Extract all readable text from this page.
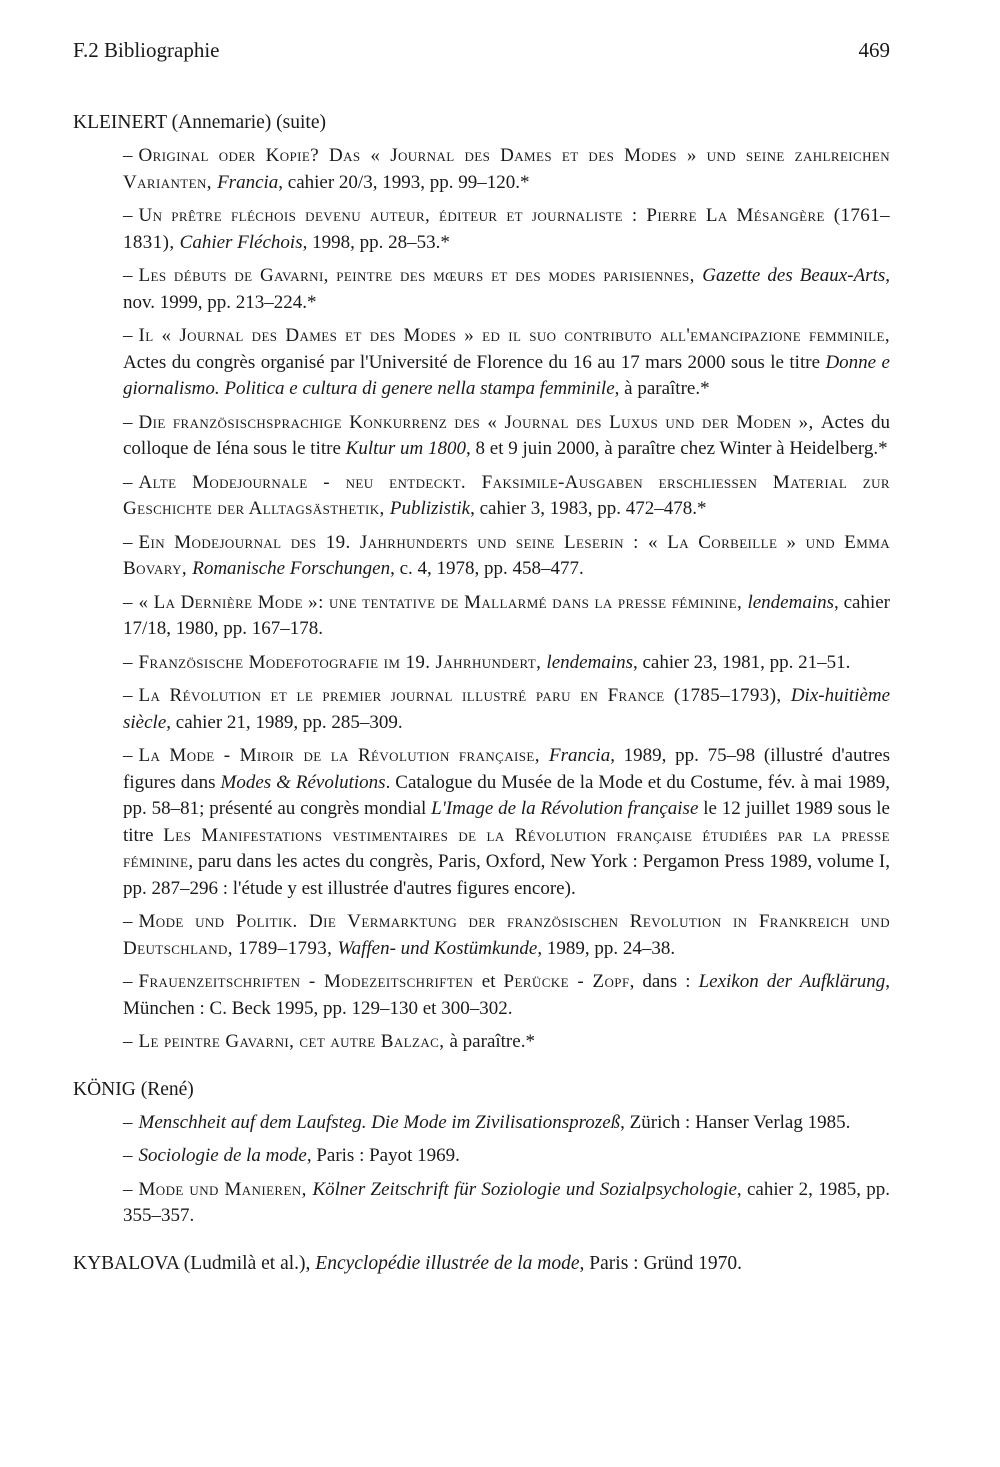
F.2 Bibliographie	469
KLEINERT (Annemarie) (suite)
– Original oder Kopie? Das « Journal des Dames et des Modes » und seine zahlreichen Varianten, Francia, cahier 20/3, 1993, pp. 99–120.*
– Un prêtre fléchois devenu auteur, éditeur et journaliste : Pierre La Mésangère (1761–1831), Cahier Fléchois, 1998, pp. 28–53.*
– Les débuts de Gavarni, peintre des mœurs et des modes parisiennes, Gazette des Beaux-Arts, nov. 1999, pp. 213–224.*
– Il « Journal des Dames et des Modes » ed il suo contributo all'emancipazione femminile, Actes du congrès organisé par l'Université de Florence du 16 au 17 mars 2000 sous le titre Donne e giornalismo. Politica e cultura di genere nella stampa femminile, à paraître.*
– Die französischsprachige Konkurrenz des « Journal des Luxus und der Moden », Actes du colloque de Iéna sous le titre Kultur um 1800, 8 et 9 juin 2000, à paraître chez Winter à Heidelberg.*
– Alte Modejournale - neu entdeckt. Faksimile-Ausgaben erschliessen Material zur Geschichte der Alltagsästhetik, Publizistik, cahier 3, 1983, pp. 472–478.*
– Ein Modejournal des 19. Jahrhunderts und seine Leserin : « La Corbeille » und Emma Bovary, Romanische Forschungen, c. 4, 1978, pp. 458–477.
– « La Dernière Mode »: une tentative de Mallarmé dans la presse féminine, lendemains, cahier 17/18, 1980, pp. 167–178.
– Französische Modefotografie im 19. Jahrhundert, lendemains, cahier 23, 1981, pp. 21–51.
– La Révolution et le premier journal illustré paru en France (1785–1793), Dix-huitième siècle, cahier 21, 1989, pp. 285–309.
– La Mode - Miroir de la Révolution française, Francia, 1989, pp. 75–98 (illustré d'autres figures dans Modes & Révolutions. Catalogue du Musée de la Mode et du Costume, fév. à mai 1989, pp. 58–81; présenté au congrès mondial L'Image de la Révolution française le 12 juillet 1989 sous le titre Les Manifestations vestimentaires de la Révolution française étudiées par la presse féminine, paru dans les actes du congrès, Paris, Oxford, New York : Pergamon Press 1989, volume I, pp. 287–296 : l'étude y est illustrée d'autres figures encore).
– Mode und Politik. Die Vermarktung der französischen Revolution in Frankreich und Deutschland, 1789–1793, Waffen- und Kostümkunde, 1989, pp. 24–38.
– Frauenzeitschriften - Modezeitschriften et Perücke - Zopf, dans : Lexikon der Aufklärung, München : C. Beck 1995, pp. 129–130 et 300–302.
– Le peintre Gavarni, cet autre Balzac, à paraître.*
KÖNIG (René)
– Menschheit auf dem Laufsteg. Die Mode im Zivilisationsprozeß, Zürich : Hanser Verlag 1985.
– Sociologie de la mode, Paris : Payot 1969.
– Mode und Manieren, Kölner Zeitschrift für Soziologie und Sozialpsychologie, cahier 2, 1985, pp. 355–357.
KYBALOVA (Ludmilà et al.), Encyclopédie illustrée de la mode, Paris : Gründ 1970.
